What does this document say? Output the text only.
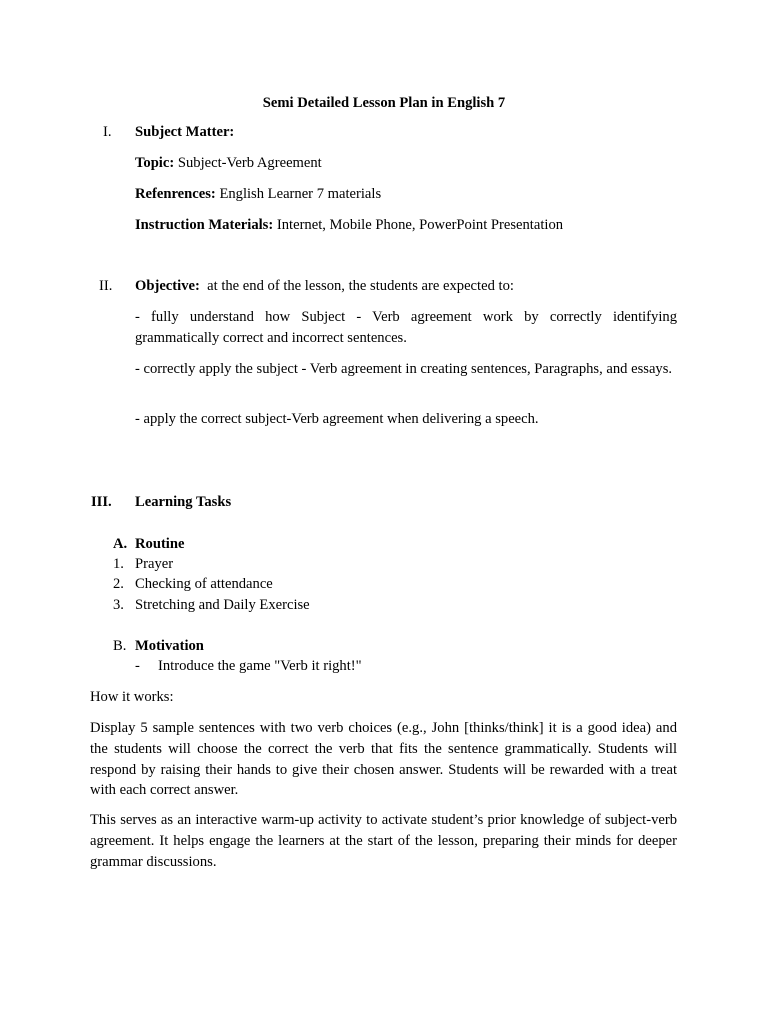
Semi Detailed Lesson Plan in English 7
I. Subject Matter:
Topic: Subject-Verb Agreement
Refenrences: English Learner 7 materials
Instruction Materials: Internet, Mobile Phone, PowerPoint Presentation
II. Objective: at the end of the lesson, the students are expected to:
- fully understand how Subject - Verb agreement work by correctly identifying grammatically correct and incorrect sentences.
- correctly apply the subject - Verb agreement in creating sentences, Paragraphs, and essays.
- apply the correct subject-Verb agreement when delivering a speech.
III. Learning Tasks
A. Routine
1. Prayer
2. Checking of attendance
3. Stretching and Daily Exercise
B. Motivation
- Introduce the game "Verb it right!"
How it works:
Display 5 sample sentences with two verb choices (e.g., John [thinks/think] it is a good idea) and the students will choose the correct the verb that fits the sentence grammatically. Students will respond by raising their hands to give their chosen answer. Students will be rewarded with a treat with each correct answer.
This serves as an interactive warm-up activity to activate student’s prior knowledge of subject-verb agreement. It helps engage the learners at the start of the lesson, preparing their minds for deeper grammar discussions.
